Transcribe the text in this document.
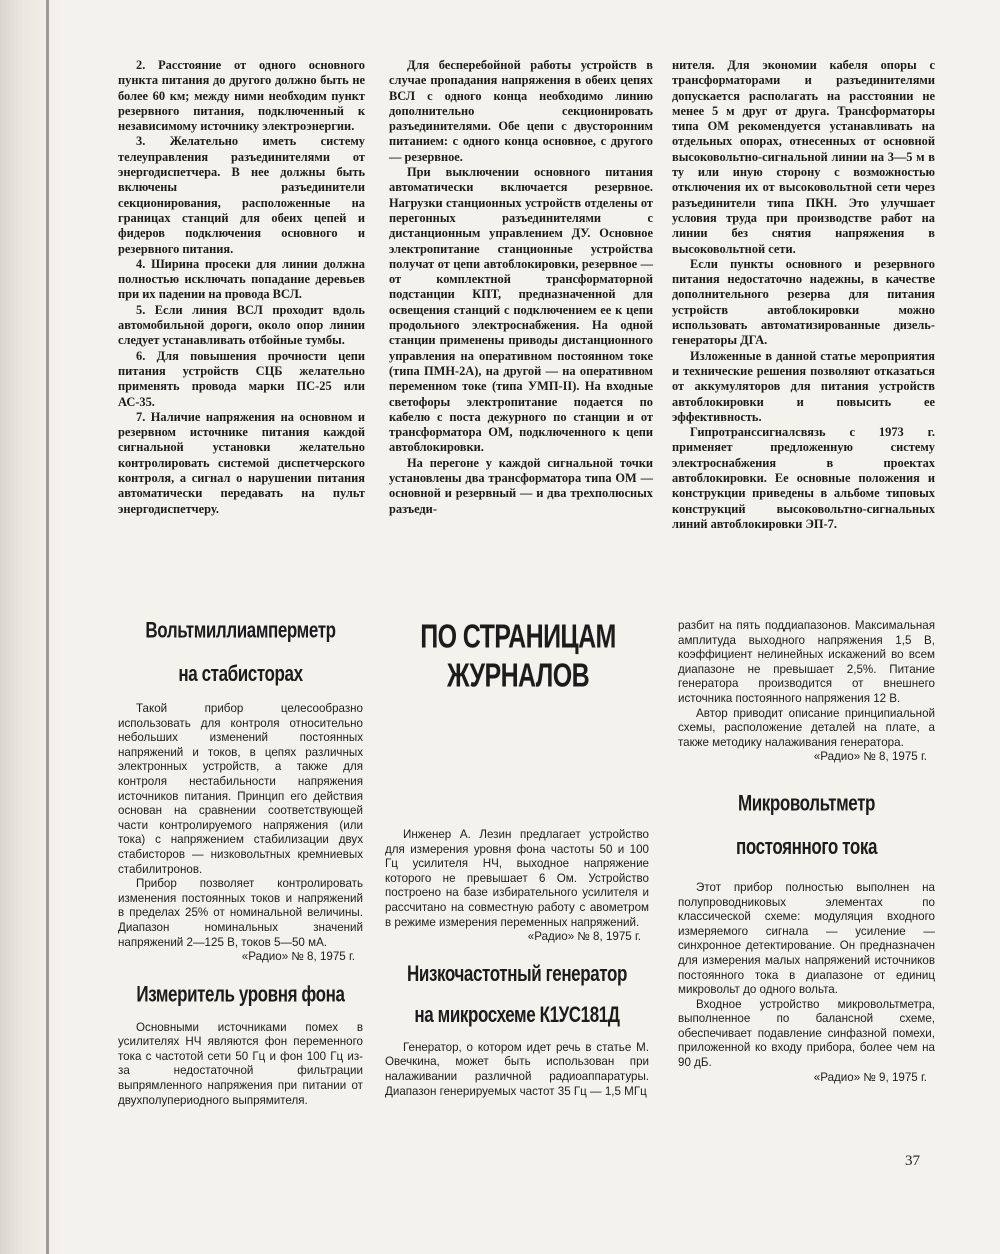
2. Расстояние от одного основного пункта питания до другого должно быть не более 60 км; между ними необходим пункт резервного питания, подключенный к независимому источнику электроэнергии.

3. Желательно иметь систему телеуправления разъединителями от энергодиспетчера. В нее должны быть включены разъединители секционирования, расположенные на границах станций для обеих цепей и фидеров подключения основного и резервного питания.

4. Ширина просеки для линии должна полностью исключать попадание деревьев при их падении на провода ВСЛ.

5. Если линия ВСЛ проходит вдоль автомобильной дороги, около опор линии следует устанавливать отбойные тумбы.

6. Для повышения прочности цепи питания устройств СЦБ желательно применять провода марки ПС-25 или АС-35.

7. Наличие напряжения на основном и резервном источнике питания каждой сигнальной установки желательно контролировать системой диспетчерского контроля, а сигнал о нарушении питания автоматически передавать на пульт энергодиспетчеру.

Для бесперебойной работы устройств в случае пропадания напряжения в обеих цепях ВСЛ с одного конца необходимо линию дополнительно секционировать разъединителями. Обе цепи с двусторонним питанием: с одного конца основное, с другого — резервное.

При выключении основного питания автоматически включается резервное. Нагрузки станционных устройств отделены от перегонных разъединителями с дистанционным управлением ДУ. Основное электропитание станционные устройства получат от цепи автоблокировки, резервное — от комплектной трансформаторной подстанции КПТ, предназначенной для освещения станций с подключением ее к цепи продольного электроснабжения. На одной станции применены приводы дистанционного управления на оперативном постоянном токе (типа ПМН-2А), на другой — на оперативном переменном токе (типа УМП-II). На входные светофоры электропитание подается по кабелю с поста дежурного по станции и от трансформатора ОМ, подключенного к цепи автоблокировки.

На перегоне у каждой сигнальной точки установлены два трансформатора типа ОМ — основной и резервный — и два трехполюсных разъеди-

нителя. Для экономии кабеля опоры с трансформаторами и разъединителями допускается располагать на расстоянии не менее 5 м друг от друга. Трансформаторы типа ОМ рекомендуется устанавливать на отдельных опорах, отнесенных от основной высоковольтно-сигнальной линии на 3—5 м в ту или иную сторону с возможностью отключения их от высоковольтной сети через разъединители типа ПКН. Это улучшает условия труда при производстве работ на линии без снятия напряжения в высоковольтной сети.

Если пункты основного и резервного питания недостаточно надежны, в качестве дополнительного резерва для питания устройств автоблокировки можно использовать автоматизированные дизель-генераторы ДГА.

Изложенные в данной статье мероприятия и технические решения позволяют отказаться от аккумуляторов для питания устройств автоблокировки и повысить ее эффективность.

Гипротранссигналсвязь с 1973 г. применяет предложенную систему электроснабжения в проектах автоблокировки. Ее основные положения и конструкции приведены в альбоме типовых конструкций высоковольтно-сигнальных линий автоблокировки ЭП-7.

ПО СТРАНИЦАМ ЖУРНАЛОВ
Вольтмиллиамперметр
на стабисторах

Такой прибор целесообразно использовать для контроля относительно небольших изменений постоянных напряжений и токов, в цепях различных электронных устройств, а также для контроля нестабильности напряжения источников питания. Принцип его действия основан на сравнении соответствующей части контролируемого напряжения (или тока) с напряжением стабилизации двух стабисторов — низковольтных кремниевых стабилитронов.

Прибор позволяет контролировать изменения постоянных токов и напряжений в пределах 25% от номинальной величины. Диапазон номинальных значений напряжений 2—125 В, токов 5—50 мА.

«Радио» № 8, 1975 г.

Измеритель уровня фона

Основными источниками помех в усилителях НЧ являются фон переменного тока с частотой сети 50 Гц и фон 100 Гц из-за недостаточной фильтрации выпрямленного напряжения при питании от двухполупериодного выпрямителя.

Инженер А. Лезин предлагает устройство для измерения уровня фона частоты 50 и 100 Гц усилителя НЧ, выходное напряжение которого не превышает 6 Ом. Устройство построено на базе избирательного усилителя и рассчитано на совместную работу с авометром в режиме измерения переменных напряжений.

«Радио» № 8, 1975 г.

Низкочастотный генератор
на микросхеме К1УС181Д

Генератор, о котором идет речь в статье М. Овечкина, может быть использован при налаживании различной радиоаппаратуры. Диапазон генерируемых частот 35 Гц — 1,5 МГц

разбит на пять поддиапазонов. Максимальная амплитуда выходного напряжения 1,5 В, коэффициент нелинейных искажений во всем диапазоне не превышает 2,5%. Питание генератора производится от внешнего источника постоянного напряжения 12 В.

Автор приводит описание принципиальной схемы, расположение деталей на плате, а также методику налаживания генератора.

«Радио» № 8, 1975 г.

Микровольтметр
постоянного тока

Этот прибор полностью выполнен на полупроводниковых элементах по классической схеме: модуляция входного измеряемого сигнала — усиление — синхронное детектирование. Он предназначен для измерения малых напряжений источников постоянного тока в диапазоне от единиц микровольт до одного вольта.

Входное устройство микровольтметра, выполненное по балансной схеме, обеспечивает подавление синфазной помехи, приложенной ко входу прибора, более чем на 90 дБ.

«Радио» № 9, 1975 г.

37
